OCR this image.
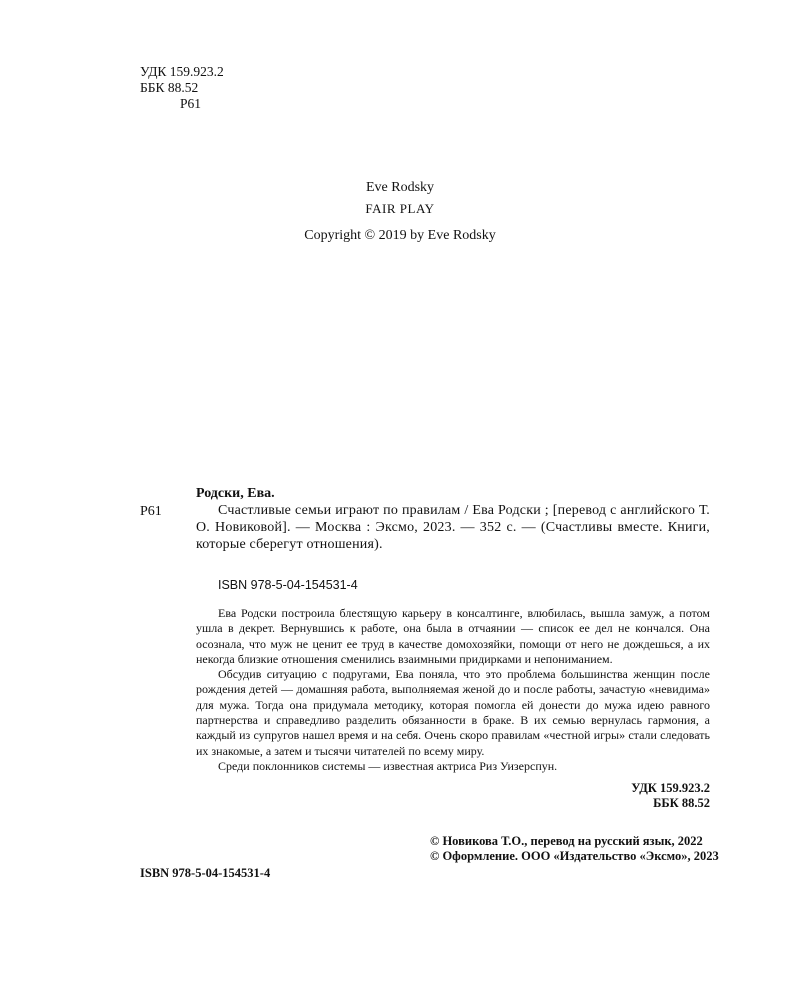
УДК 159.923.2
ББК 88.52
Р61
Eve Rodsky
FAIR PLAY
Copyright © 2019 by Eve Rodsky
Родски, Ева.
Р61	Счастливые семьи играют по правилам / Ева Родски ; [перевод с английского Т. О. Новиковой]. — Москва : Эксмо, 2023. — 352 с. — (Счастливы вместе. Книги, которые сберегут отношения).
ISBN 978-5-04-154531-4

Ева Родски построила блестящую карьеру в консалтинге, влюбилась, вышла замуж, а потом ушла в декрет. Вернувшись к работе, она была в отчаянии — список ее дел не кончался. Она осознала, что муж не ценит ее труд в качестве домохозяйки, помощи от него не дождешься, а их некогда близкие отношения сменились взаимными придирками и непониманием.

Обсудив ситуацию с подругами, Ева поняла, что это проблема большинства женщин после рождения детей — домашняя работа, выполняемая женой до и после работы, зачастую «невидима» для мужа. Тогда она придумала методику, которая помогла ей донести до мужа идею равного партнерства и справедливо разделить обязанности в браке. В их семью вернулась гармония, а каждый из супругов нашел время и на себя. Очень скоро правилам «честной игры» стали следовать их знакомые, а затем и тысячи читателей по всему миру.

Среди поклонников системы — известная актриса Риз Уизерспун.

УДК 159.923.2
ББК 88.52
© Новикова Т.О., перевод на русский язык, 2022
© Оформление. ООО «Издательство «Эксмо», 2023
ISBN 978-5-04-154531-4
